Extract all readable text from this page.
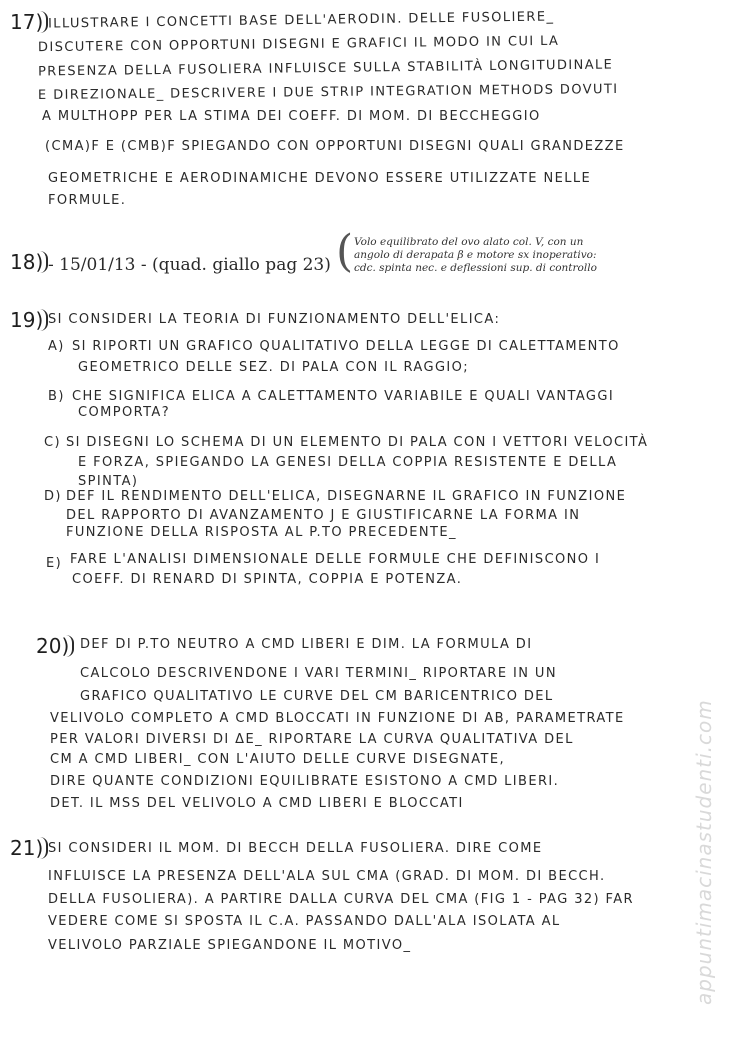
17) ILLUSTRARE I CONCETTI BASE DELL'AERODIN. DELLE FUSOLIERE_
DISCUTERE CON OPPORTUNI DISEGNI E GRAFICI IL MODO IN CUI LA
PRESENZA DELLA FUSOLIERA INFLUISCE SULLA STABILITÀ LONGITUDINALE
E DIREZIONALE_ DESCRIVERE I DUE STRIP INTEGRATION METHODS DOVUTI
A MULTHOPP PER LA STIMA DEI COEFF. DI MOM. DI BECCHEGGIO
(CMΑ)F E (CMΒ)F SPIEGANDO CON OPPORTUNI DISEGNI QUALI GRANDEZZE
GEOMETRICHE E AERODINAMICHE DEVONO ESSERE UTILIZZATE NELLE
FORMULE.
18) - 15/01/13 - (quad. giallo pag 23) ( Volo equilibrato del ovo alato col. V, con un
angolo di derapata β e motore sx inoperativo:
cdc. spinta nec. e deflessioni sup. di controllo
19) SI CONSIDERI LA TEORIA DI FUNZIONAMENTO DELL'ELICA:
A) SI RIPORTI UN GRAFICO QUALITATIVO DELLA LEGGE DI CALETTAMENTO
GEOMETRICO DELLE SEZ. DI PALA CON IL RAGGIO;
B) CHE SIGNIFICA ELICA A CALETTAMENTO VARIABILE E QUALI VANTAGGI
COMPORTA?
C) SI DISEGNI LO SCHEMA DI UN ELEMENTO DI PALA CON I VETTORI VELOCITÀ
E FORZA, SPIEGANDO LA GENESI DELLA COPPIA RESISTENTE E DELLA
SPINTA)
D) DEF IL RENDIMENTO DELL'ELICA, DISEGNARNE IL GRAFICO IN FUNZIONE
DEL RAPPORTO DI AVANZAMENTO J E GIUSTIFICARNE LA FORMA IN
FUNZIONE DELLA RISPOSTA AL P.TO PRECEDENTE_
E) FARE L'ANALISI DIMENSIONALE DELLE FORMULE CHE DEFINISCONO I
COEFF. DI RENARD DI SPINTA, COPPIA E POTENZA.
20) DEF DI P.TO NEUTRO A CMD LIBERI E DIM. LA FORMULA DI
CALCOLO DESCRIVENDONE I VARI TERMINI_ RIPORTARE IN UN
GRAFICO QUALITATIVO LE CURVE DEL CM BARICENTRICO DEL
VELIVOLO COMPLETO A CMD BLOCCATI IN FUNZIONE DI ΑB, PARAMETRATE
PER VALORI DIVERSI DI ΔE_ RIPORTARE LA CURVA QUALITATIVA DEL
CM A CMD LIBERI_ CON L'AIUTO DELLE CURVE DISEGNATE,
DIRE QUANTE CONDIZIONI EQUILIBRATE ESISTONO A CMD LIBERI.
DET. IL MSS DEL VELIVOLO A CMD LIBERI E BLOCCATI
21) SI CONSIDERI IL MOM. DI BECCH DELLA FUSOLIERA. DIRE COME
INFLUISCE LA PRESENZA DELL'ALA SUL CMΑ (GRAD. DI MOM. DI BECCH.
DELLA FUSOLIERA). A PARTIRE DALLA CURVA DEL CMΑ (FIG 1 - PAG 32) FAR
VEDERE COME SI SPOSTA IL C.A. PASSANDO DALL'ALA ISOLATA AL
VELIVOLO PARZIALE SPIEGANDONE IL MOTIVO_	appuntimacinastudenti.com
